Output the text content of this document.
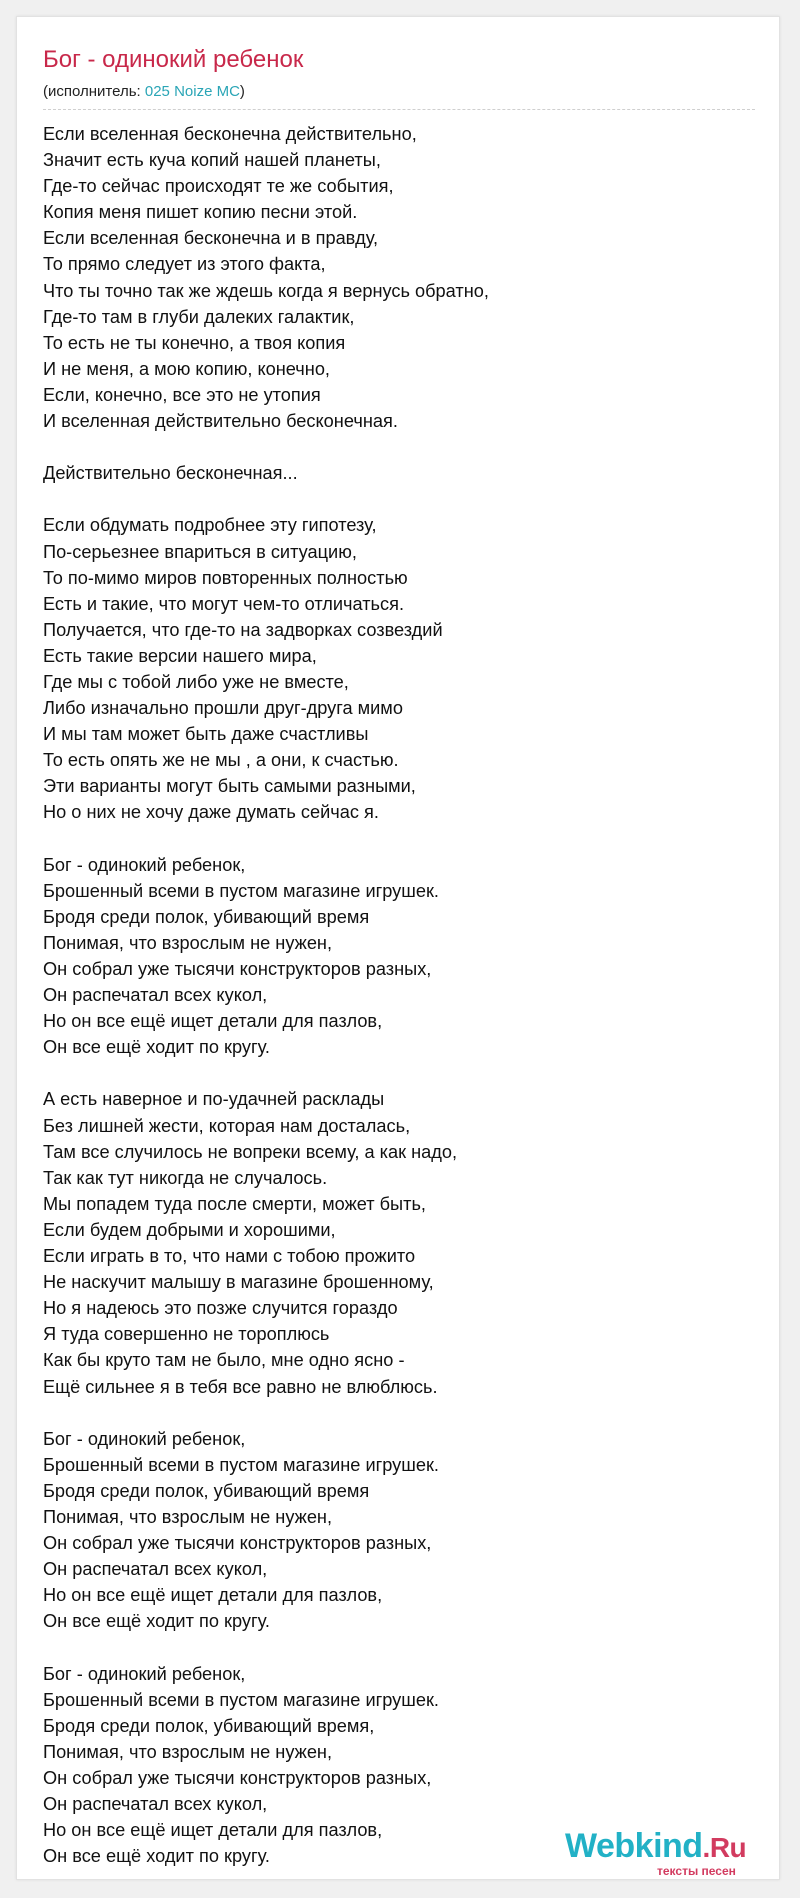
Бог - одинокий ребенок
(исполнитель: 025 Noize MC)
Если вселенная бесконечна действительно,
Значит есть куча копий нашей планеты,
Где-то сейчас происходят те же события,
Копия меня пишет копию песни этой.
Если вселенная бесконечна и в правду,
То прямо следует из этого факта,
Что ты точно так же ждешь когда я вернусь обратно,
Где-то там в глуби далеких галактик,
То есть не ты конечно, а твоя копия
И не меня, а мою копию, конечно,
Если, конечно, все это не утопия
И вселенная действительно бесконечная.

Действительно бесконечная...

Если обдумать подробнее эту гипотезу,
По-серьезнее впариться в ситуацию,
То по-мимо миров повторенных полностью
Есть и такие, что могут чем-то отличаться.
Получается, что где-то на задворках созвездий
Есть такие версии нашего мира,
Где мы с тобой либо уже не вместе,
Либо изначально прошли друг-друга мимо
И мы там может быть даже счастливы
То есть опять же не мы , а они, к счастью.
Эти варианты могут быть самыми разными,
Но о них не хочу даже думать сейчас я.

Бог - одинокий ребенок,
Брошенный всеми в пустом магазине игрушек.
Бродя среди полок, убивающий время
Понимая, что взрослым не нужен,
Он собрал уже тысячи конструкторов разных,
Он распечатал всех кукол,
Но он все ещё ищет детали для пазлов,
Он все ещё ходит по кругу.

А есть наверное и по-удачней расклады
Без лишней жести, которая нам досталась,
Там все случилось не вопреки всему, а как надо,
Так как тут никогда не случалось.
Мы попадем туда после смерти, может быть,
Если будем добрыми и хорошими,
Если играть в то, что нами с тобою прожито
Не наскучит малышу в магазине брошенному,
Но я надеюсь это позже случится гораздо
Я туда совершенно не тороплюсь
Как бы круто там не было, мне одно ясно -
Ещё сильнее я в тебя все равно не влюблюсь.

Бог - одинокий ребенок,
Брошенный всеми в пустом магазине игрушек.
Бродя среди полок, убивающий время
Понимая, что взрослым не нужен,
Он собрал уже тысячи конструкторов разных,
Он распечатал всех кукол,
Но он все ещё ищет детали для пазлов,
Он все ещё ходит по кругу.

Бог - одинокий ребенок,
Брошенный всеми в пустом магазине игрушек.
Бродя среди полок, убивающий время,
Понимая, что взрослым не нужен,
Он собрал уже тысячи конструкторов разных,
Он распечатал всех кукол,
Но он все ещё ищет детали для пазлов,
Он все ещё ходит по кругу.	Webkind.Ru
тексты песен
